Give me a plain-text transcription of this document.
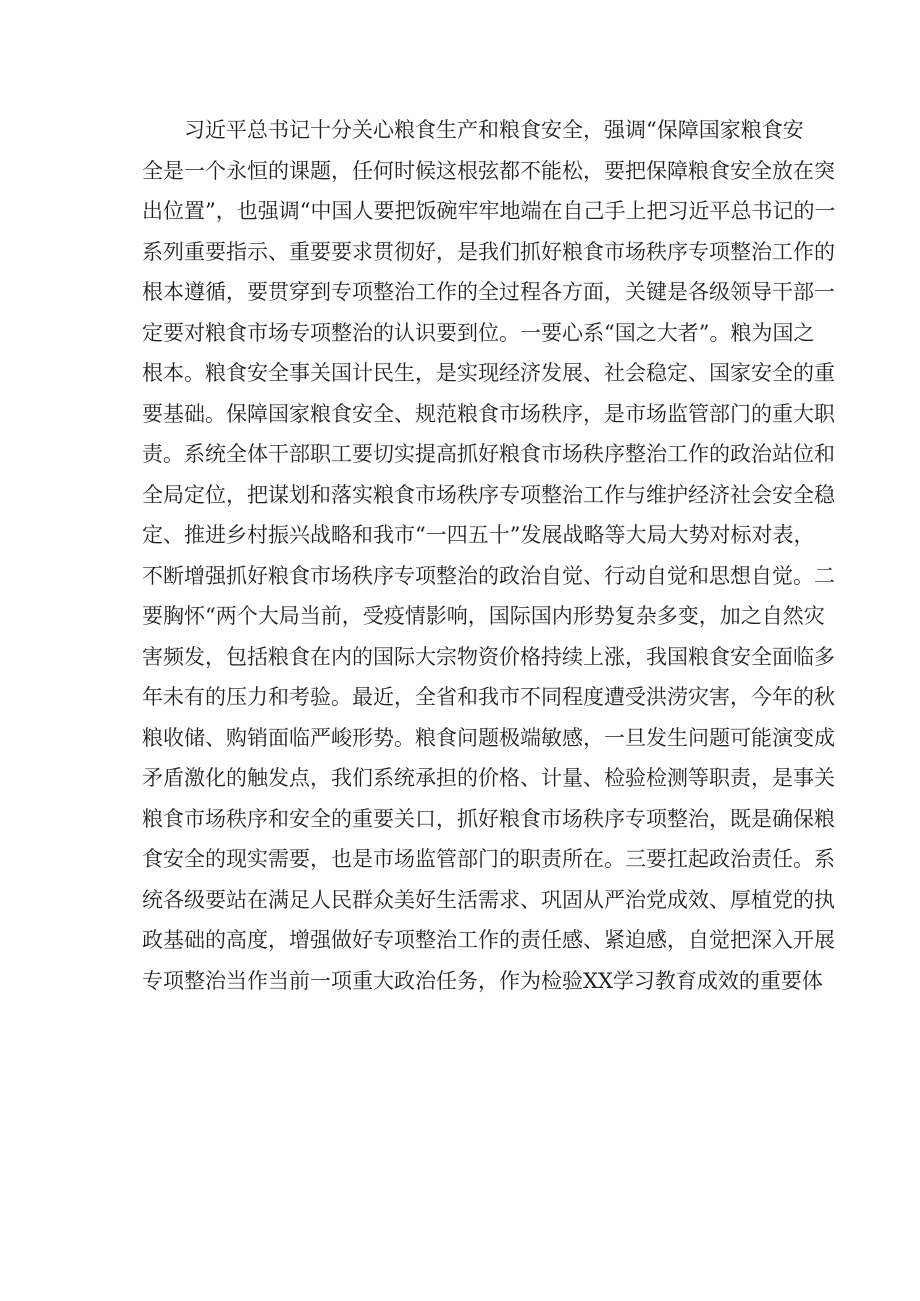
习近平总书记十分关心粮食生产和粮食安全，强调“保障国家粮食安
全是一个永恒的课题，任何时候这根弦都不能松，要把保障粮食安全放在突
出位置”，也强调“中国人要把饭碗牢牢地端在自己手上把习近平总书记的一
系列重要指示、重要要求贯彻好，是我们抓好粮食市场秩序专项整治工作的
根本遵循，要贯穿到专项整治工作的全过程各方面，关键是各级领导干部一
定要对粮食市场专项整治的认识要到位。一要心系“国之大者”。粮为国之
根本。粮食安全事关国计民生，是实现经济发展、社会稳定、国家安全的重
要基础。保障国家粮食安全、规范粮食市场秩序，是市场监管部门的重大职
责。系统全体干部职工要切实提高抓好粮食市场秩序整治工作的政治站位和
全局定位，把谋划和落实粮食市场秩序专项整治工作与维护经济社会安全稳
定、推进乡村振兴战略和我市“一四五十”发展战略等大局大势对标对表，
不断增强抓好粮食市场秩序专项整治的政治自觉、行动自觉和思想自觉。二
要胸怀“两个大局当前，受疫情影响，国际国内形势复杂多变，加之自然灾
害频发，包括粮食在内的国际大宗物资价格持续上涨，我国粮食安全面临多
年未有的压力和考验。最近，全省和我市不同程度遭受洪涝灾害，今年的秋
粮收储、购销面临严峻形势。粮食问题极端敏感，一旦发生问题可能演变成
矛盾激化的触发点，我们系统承担的价格、计量、检验检测等职责，是事关
粮食市场秩序和安全的重要关口，抓好粮食市场秩序专项整治，既是确保粮
食安全的现实需要，也是市场监管部门的职责所在。三要扛起政治责任。系
统各级要站在满足人民群众美好生活需求、巩固从严治党成效、厚植党的执
政基础的高度，增强做好专项整治工作的责任感、紧迫感，自觉把深入开展
专项整治当作当前一项重大政治任务，作为检验XX学习教育成效的重要体
